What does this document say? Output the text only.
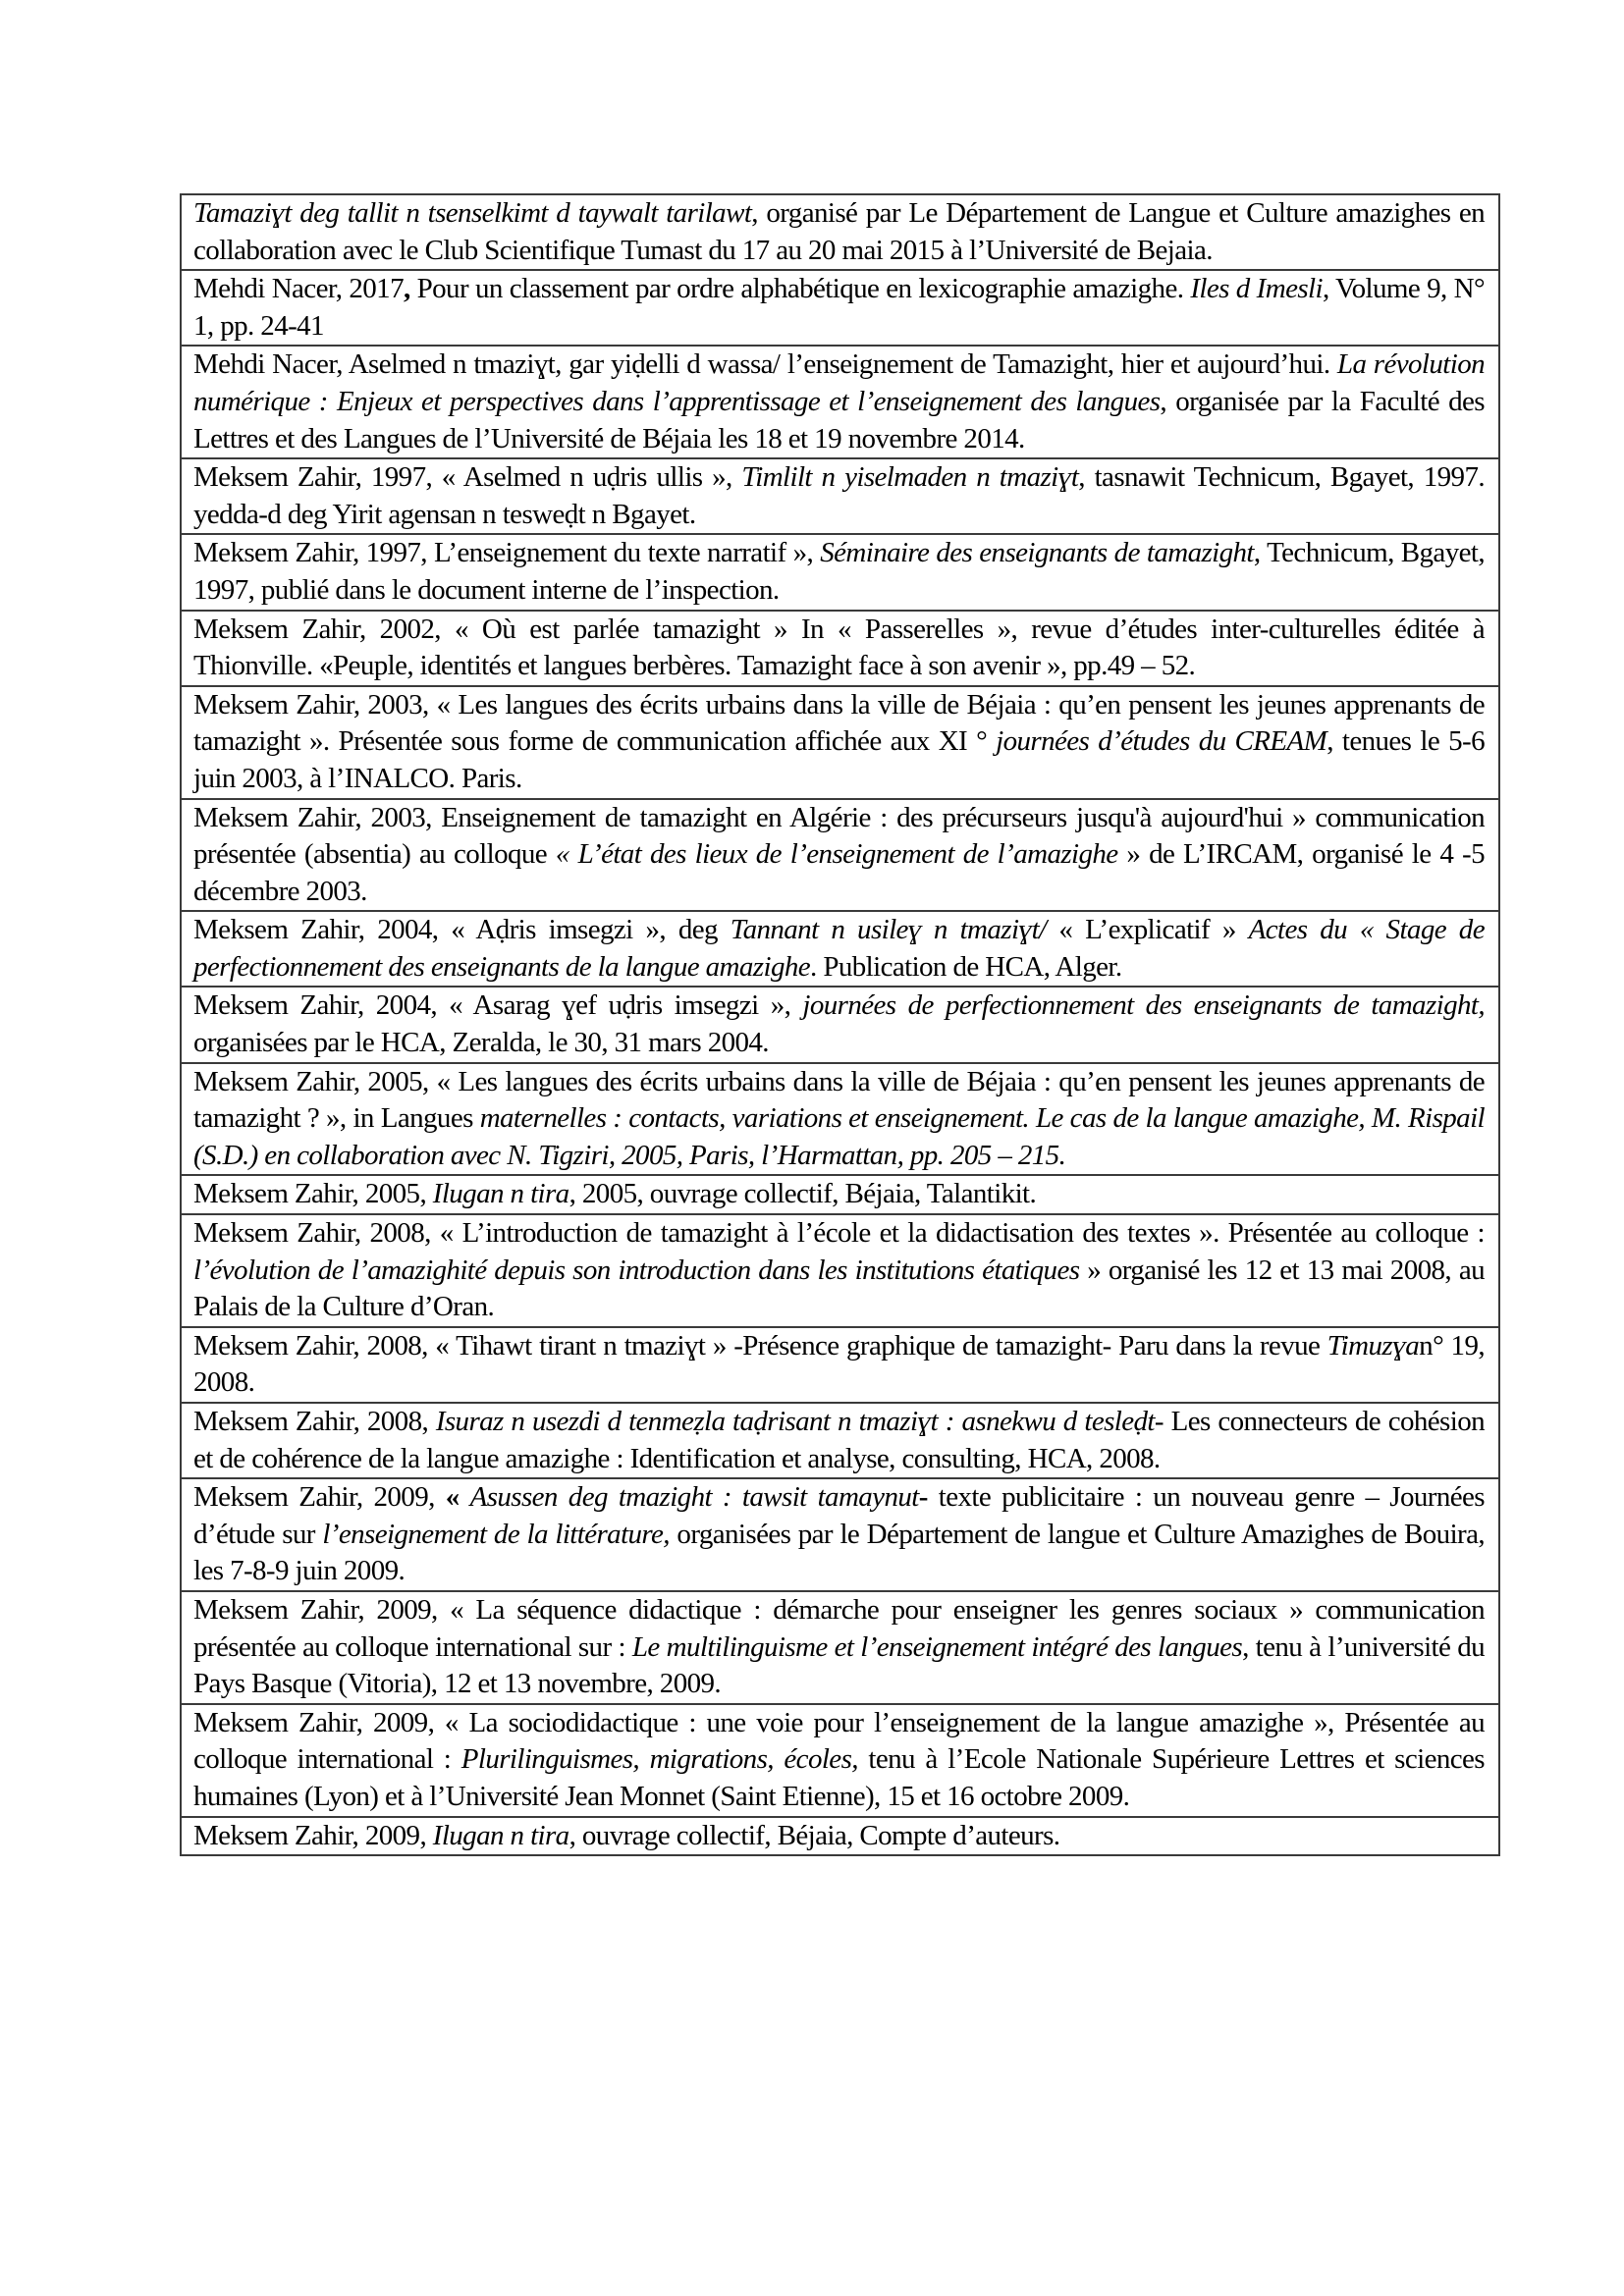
Tamaziɣt deg tallit n tsenselkimt d taywalt tarilawt, organisé par Le Département de Langue et Culture amazighes en collaboration avec le Club Scientifique Tumast du 17 au 20 mai 2015 à l’Université de Bejaia.

Mehdi Nacer, 2017, Pour un classement par ordre alphabétique en lexicographie amazighe. Iles d Imesli, Volume 9, N° 1, pp. 24-41

Mehdi Nacer, Aselmed n tmaziɣt, gar yiḍelli d wassa/ l’enseignement de Tamazight, hier et aujourd’hui. La révolution numérique : Enjeux et perspectives dans l’apprentissage et l’enseignement des langues, organisée par la Faculté des Lettres et des Langues de l’Université de Béjaia les 18 et 19 novembre 2014.

Meksem Zahir, 1997, « Aselmed n uḍris ullis », Timlilt n yiselmaden n tmaziɣt, tasnawit Technicum, Bgayet, 1997. yedda-d deg Yirit agensan n tesweḍt n Bgayet.

Meksem Zahir, 1997, L’enseignement du texte narratif », Séminaire des enseignants de tamazight, Technicum, Bgayet, 1997, publié dans le document interne de l’inspection.

Meksem Zahir, 2002, « Où est parlée tamazight » In « Passerelles », revue d’études inter-culturelles éditée à Thionville. «Peuple, identités et langues berbères. Tamazight face à son avenir », pp.49 – 52.

Meksem Zahir, 2003, « Les langues des écrits urbains dans la ville de Béjaia : qu’en pensent les jeunes apprenants de tamazight ». Présentée sous forme de communication affichée aux XI ° journées d’études du CREAM, tenues le 5-6 juin 2003, à l’INALCO. Paris.

Meksem Zahir, 2003, Enseignement de tamazight en Algérie : des précurseurs jusqu'à aujourd'hui » communication présentée (absentia) au colloque « L’état des lieux de l’enseignement de l’amazighe » de L’IRCAM, organisé le 4 -5 décembre 2003.

Meksem Zahir, 2004, « Aḍris imsegzi », deg Tannant n usileɣ n tmaziɣt/ « L’explicatif » Actes du « Stage de perfectionnement des enseignants de la langue amazighe. Publication de HCA, Alger.

Meksem Zahir, 2004, « Asarag ɣef uḍris imsegzi », journées de perfectionnement des enseignants de tamazight, organisées par le HCA, Zeralda, le 30, 31 mars 2004.

Meksem Zahir, 2005, « Les langues des écrits urbains dans la ville de Béjaia : qu’en pensent les jeunes apprenants de tamazight ? », in Langues maternelles : contacts, variations et enseignement. Le cas de la langue amazighe, M. Rispail (S.D.) en collaboration avec N. Tigziri, 2005, Paris, l’Harmattan, pp. 205 – 215.

Meksem Zahir, 2005, Ilugan n tira, 2005, ouvrage collectif, Béjaia, Talantikit.

Meksem Zahir, 2008, « L’introduction de tamazight à l’école et la didactisation des textes ». Présentée au colloque : l’évolution de l’amazighité depuis son introduction dans les institutions étatiques » organisé les 12 et 13 mai 2008, au Palais de la Culture d’Oran.

Meksem Zahir, 2008, « Tihawt tirant n tmaziɣt » -Présence graphique de tamazight- Paru dans la revue Timuzɣan° 19, 2008.

Meksem Zahir, 2008, Isuraz n usezdi d tenmeẓla taḍrisant n tmaziɣt : asnekwu d tesleḍt- Les connecteurs de cohésion et de cohérence de la langue amazighe : Identification et analyse, consulting, HCA, 2008.

Meksem Zahir, 2009, « Asussen deg tmazight : tawsit tamaynut- texte publicitaire : un nouveau genre – Journées d’étude sur l’enseignement de la littérature, organisées par le Département de langue et Culture Amazighes de Bouira, les 7-8-9 juin 2009.

Meksem Zahir, 2009, « La séquence didactique : démarche pour enseigner les genres sociaux » communication présentée au colloque international sur : Le multilinguisme et l’enseignement intégré des langues, tenu à l’université du Pays Basque (Vitoria), 12 et 13 novembre, 2009.

Meksem Zahir, 2009, « La sociodidactique : une voie pour l’enseignement de la langue amazighe », Présentée au colloque international : Plurilinguismes, migrations, écoles, tenu à l’Ecole Nationale Supérieure Lettres et sciences humaines (Lyon) et à l’Université Jean Monnet (Saint Etienne), 15 et 16 octobre 2009.

Meksem Zahir, 2009, Ilugan n tira, ouvrage collectif, Béjaia, Compte d’auteurs.
